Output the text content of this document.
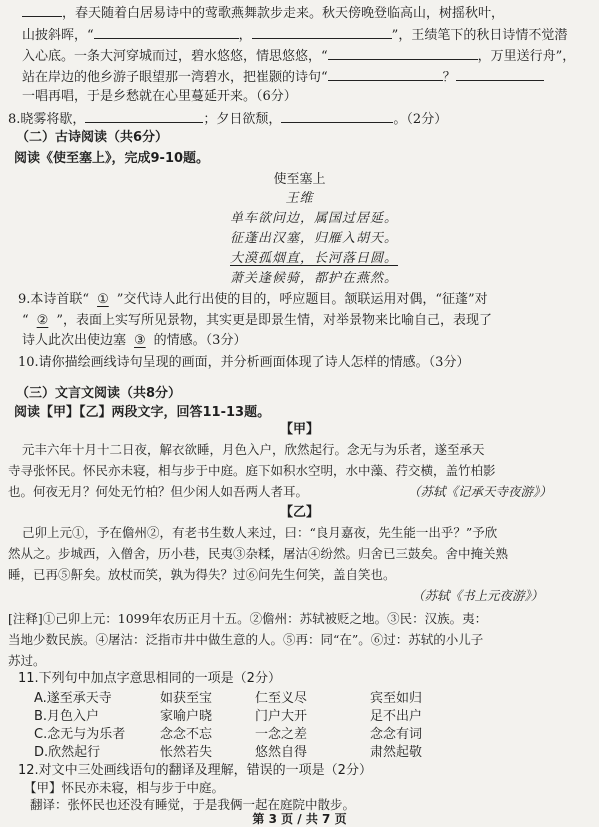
，春天随着白居易诗中的莺歌燕舞款步走来。秋天傍晚登临高山，树摇秋叶，
山披斜晖，“	，	”，王绩笔下的秋日诗情不觉潜
入心底。一条大河穿城而过，碧水悠悠，情思悠悠，“	，万里送行舟”，
站在岸边的他乡游子眼望那一湾碧水，把崔颢的诗句“	？
一唱再唱，于是乡愁就在心里蔓延开来。（6分）
8.晓雾将歇，	；夕日欲颓，	。（2分）
（二）古诗阅读（共6分）
阅读《使至塞上》，完成9-10题。
使至塞上
王维
单车欲问边，属国过居延。
征蓬出汉塞，归雁入胡天。
大漠孤烟直，长河落日圆。
萧关逢候骑，都护在燕然。
9.本诗首联“ ① ”交代诗人此行出使的目的，呼应题目。颔联运用对偶，“征蓬”对
“ ② ”，表面上实写所见景物，其实更是即景生情，对举景物来比喻自己，表现了
诗人此次出使边塞 ③ 的情感。（3分）
10.请你描绘画线诗句呈现的画面，并分析画面体现了诗人怎样的情感。（3分）
（三）文言文阅读（共8分）
阅读【甲】【乙】两段文字，回答11-13题。
【甲】
元丰六年十月十二日夜，解衣欲睡，月色入户，欣然起行。念无与为乐者，遂至承天
寺寻张怀民。怀民亦未寝，相与步于中庭。庭下如积水空明，水中藻、荇交横，盖竹柏影
也。何夜无月？何处无竹柏？但少闲人如吾两人者耳。	（苏轼《记承天寺夜游》）
【乙】
己卯上元①，予在儋州②，有老书生数人来过，曰：“良月嘉夜，先生能一出乎？”予欣
然从之。步城西，入僧舍，历小巷，民夷③杂糅，屠沽④纷然。归舍已三鼓矣。舍中掩关熟
睡，已再⑤鼾矣。放杖而笑，孰为得失？过⑥问先生何笑，盖自笑也。
（苏轼《书上元夜游》）
[注释]①己卯上元：1099年农历正月十五。②儋州：苏轼被贬之地。③民：汉族。夷：
当地少数民族。④屠沽：泛指市井中做生意的人。⑤再：同“在”。⑥过：苏轼的小儿子
苏过。
11.下列句中加点字意思相同的一项是（2分）
A.遂至承天寺	如获至宝	仁至义尽	宾至如归
B.月色入户	家喻户晓	门户大开	足不出户
C.念无与为乐者	念念不忘	一念之差	念念有词
D.欣然起行	怅然若失	悠然自得	肃然起敬
12.对文中三处画线语句的翻译及理解，错误的一项是（2分）
第 3 页 / 共 7 页
【甲】怀民亦未寝，相与步于中庭。
翻译：张怀民也还没有睡觉，于是我俩一起在庭院中散步。
